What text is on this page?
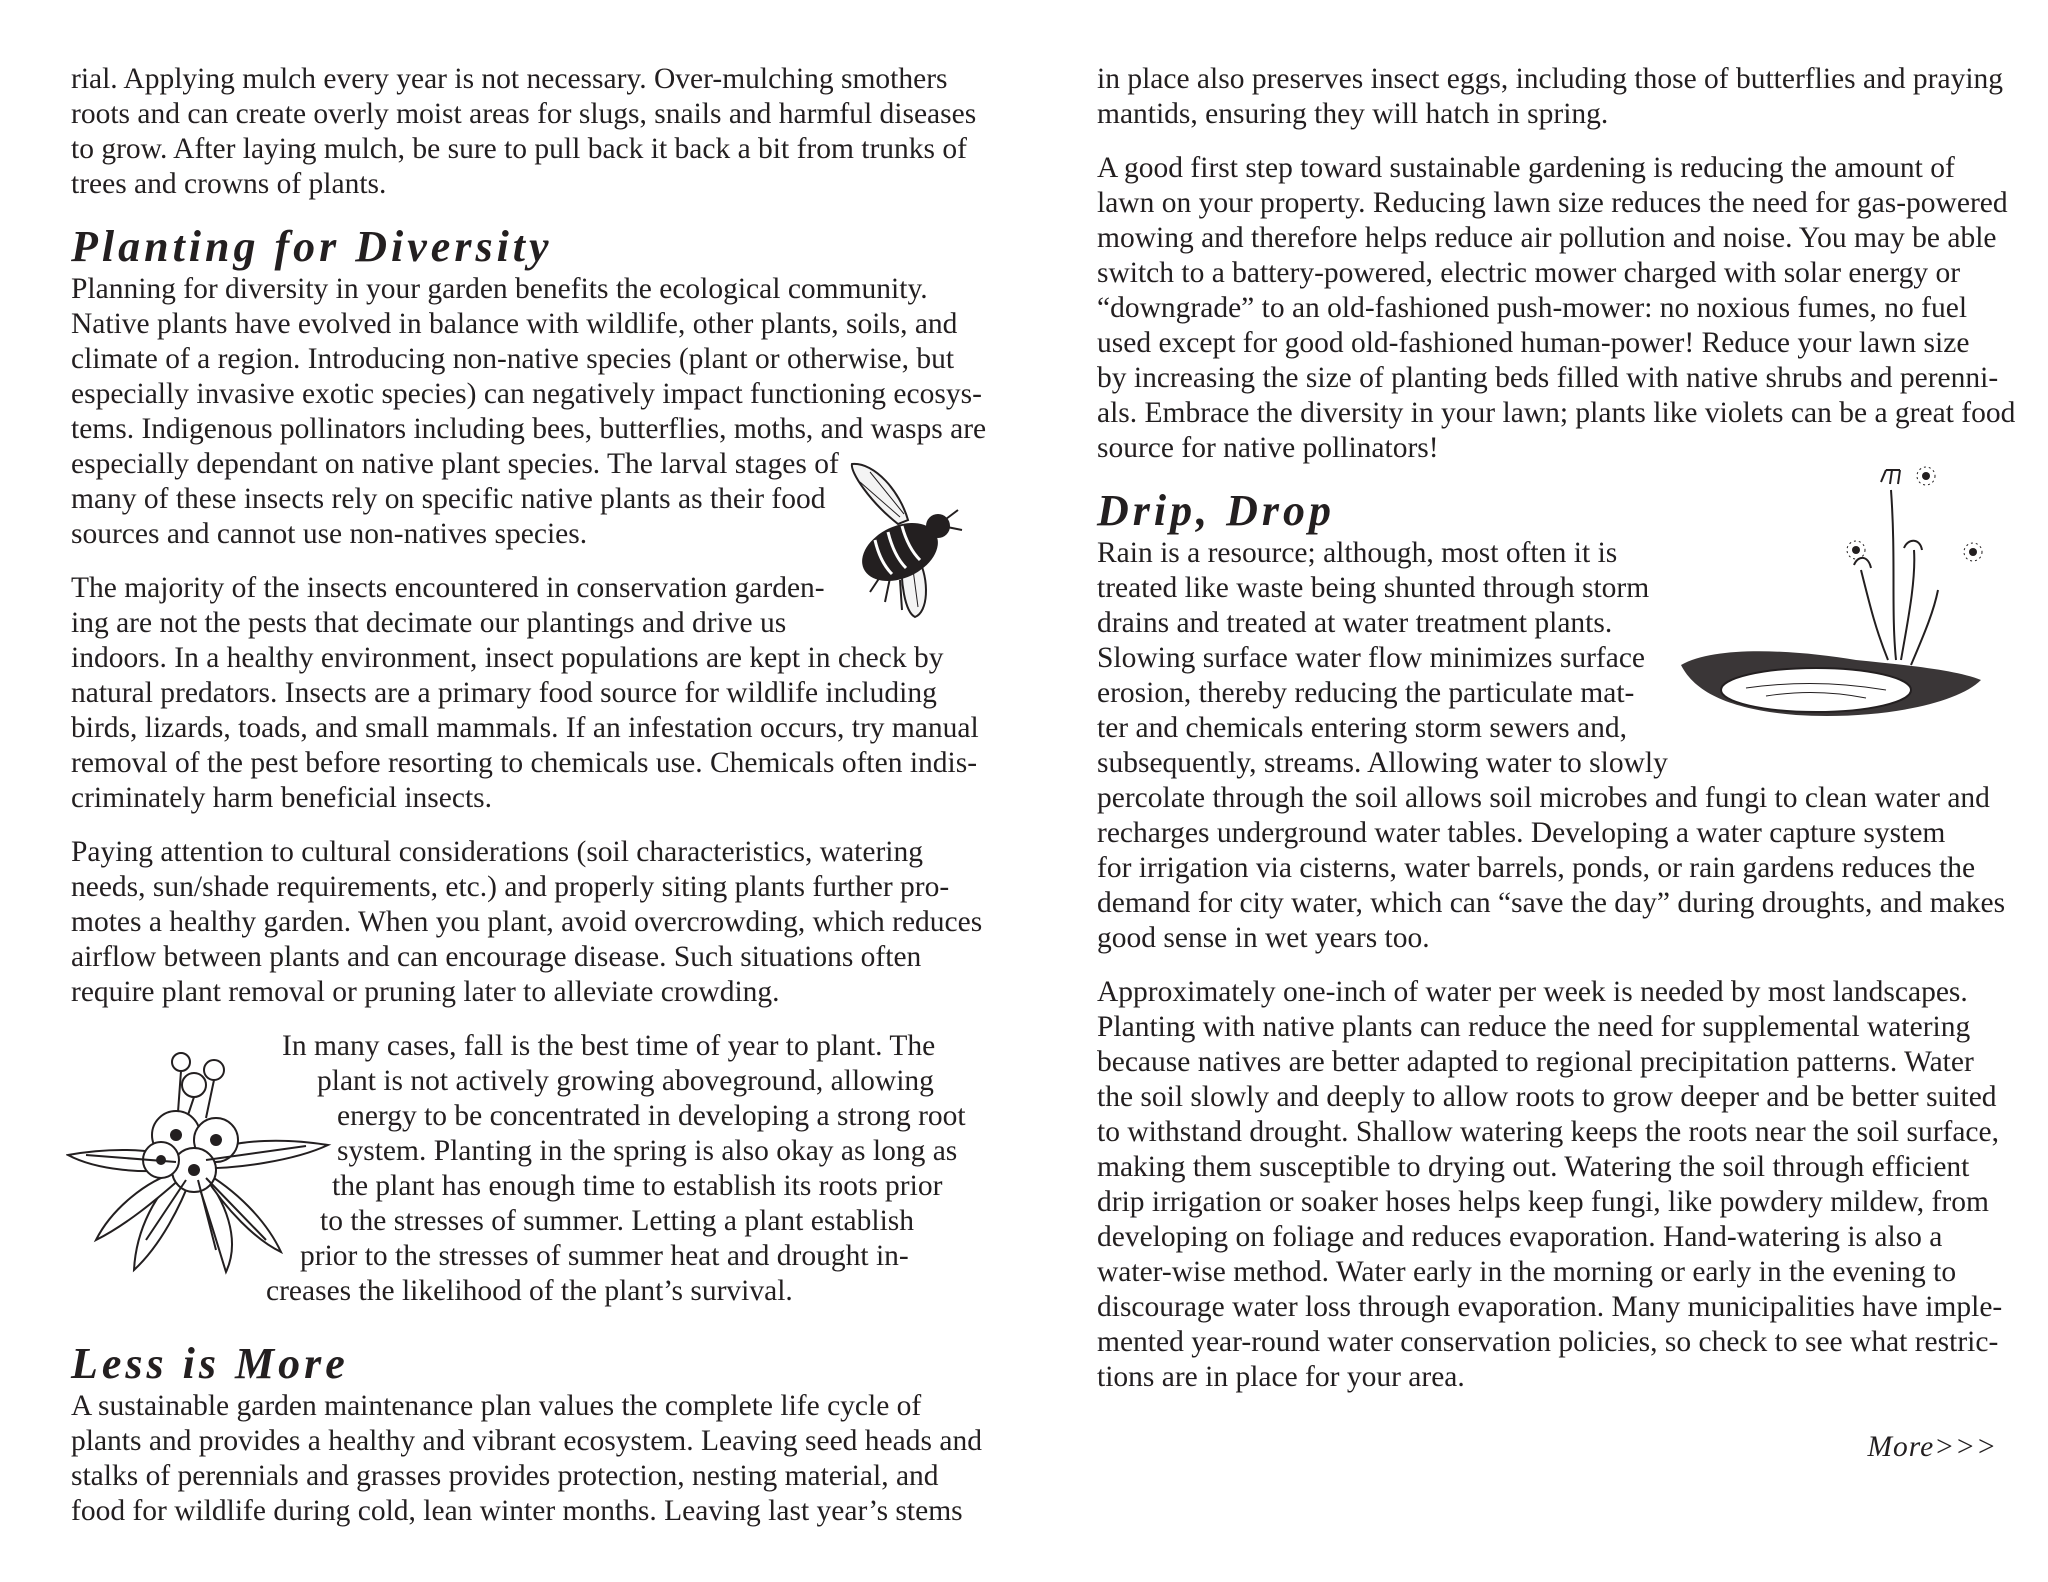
rial. Applying mulch every year is not necessary. Over-mulching smothers
roots and can create overly moist areas for slugs, snails and harmful diseases
to grow. After laying mulch, be sure to pull back it back a bit from trunks of
trees and crowns of plants.

Planting for Diversity

Planning for diversity in your garden benefits the ecological community.
Native plants have evolved in balance with wildlife, other plants, soils, and
climate of a region. Introducing non-native species (plant or otherwise, but
especially invasive exotic species) can negatively impact functioning ecosys-
tems. Indigenous pollinators including bees, butterflies, moths, and wasps are
especially dependant on native plant species. The larval stages of
many of these insects rely on specific native plants as their food
sources and cannot use non-natives species.

The majority of the insects encountered in conservation garden-
ing are not the pests that decimate our plantings and drive us
indoors. In a healthy environment, insect populations are kept in check by
natural predators. Insects are a primary food source for wildlife including
birds, lizards, toads, and small mammals. If an infestation occurs, try manual
removal of the pest before resorting to chemicals use. Chemicals often indis-
criminately harm beneficial insects.

Paying attention to cultural considerations (soil characteristics, watering
needs, sun/shade requirements, etc.) and properly siting plants further pro-
motes a healthy garden. When you plant, avoid overcrowding, which reduces
airflow between plants and can encourage disease. Such situations often
require plant removal or pruning later to alleviate crowding.

In many cases, fall is the best time of year to plant. The
plant is not actively growing aboveground, allowing
energy to be concentrated in developing a strong root
system. Planting in the spring is also okay as long as
the plant has enough time to establish its roots prior
to the stresses of summer. Letting a plant establish
prior to the stresses of summer heat and drought in-
creases the likelihood of the plant’s survival.

Less is More

A sustainable garden maintenance plan values the complete life cycle of
plants and provides a healthy and vibrant ecosystem. Leaving seed heads and
stalks of perennials and grasses provides protection, nesting material, and
food for wildlife during cold, lean winter months. Leaving last year’s stems

in place also preserves insect eggs, including those of butterflies and praying
mantids, ensuring they will hatch in spring.

A good first step toward sustainable gardening is reducing the amount of
lawn on your property. Reducing lawn size reduces the need for gas-powered
mowing and therefore helps reduce air pollution and noise. You may be able
switch to a battery-powered, electric mower charged with solar energy or
“downgrade” to an old-fashioned push-mower: no noxious fumes, no fuel
used except for good old-fashioned human-power! Reduce your lawn size
by increasing the size of planting beds filled with native shrubs and perenni-
als. Embrace the diversity in your lawn; plants like violets can be a great food
source for native pollinators!

Drip, Drop

Rain is a resource; although, most often it is
treated like waste being shunted through storm
drains and treated at water treatment plants.
Slowing surface water flow minimizes surface
erosion, thereby reducing the particulate mat-
ter and chemicals entering storm sewers and,
subsequently, streams. Allowing water to slowly
percolate through the soil allows soil microbes and fungi to clean water and
recharges underground water tables. Developing a water capture system
for irrigation via cisterns, water barrels, ponds, or rain gardens reduces the
demand for city water, which can “save the day” during droughts, and makes
good sense in wet years too.

Approximately one-inch of water per week is needed by most landscapes.
Planting with native plants can reduce the need for supplemental watering
because natives are better adapted to regional precipitation patterns. Water
the soil slowly and deeply to allow roots to grow deeper and be better suited
to withstand drought. Shallow watering keeps the roots near the soil surface,
making them susceptible to drying out. Watering the soil through efficient
drip irrigation or soaker hoses helps keep fungi, like powdery mildew, from
developing on foliage and reduces evaporation. Hand-watering is also a
water-wise method. Water early in the morning or early in the evening to
discourage water loss through evaporation. Many municipalities have imple-
mented year-round water conservation policies, so check to see what restric-
tions are in place for your area.

More>>>
